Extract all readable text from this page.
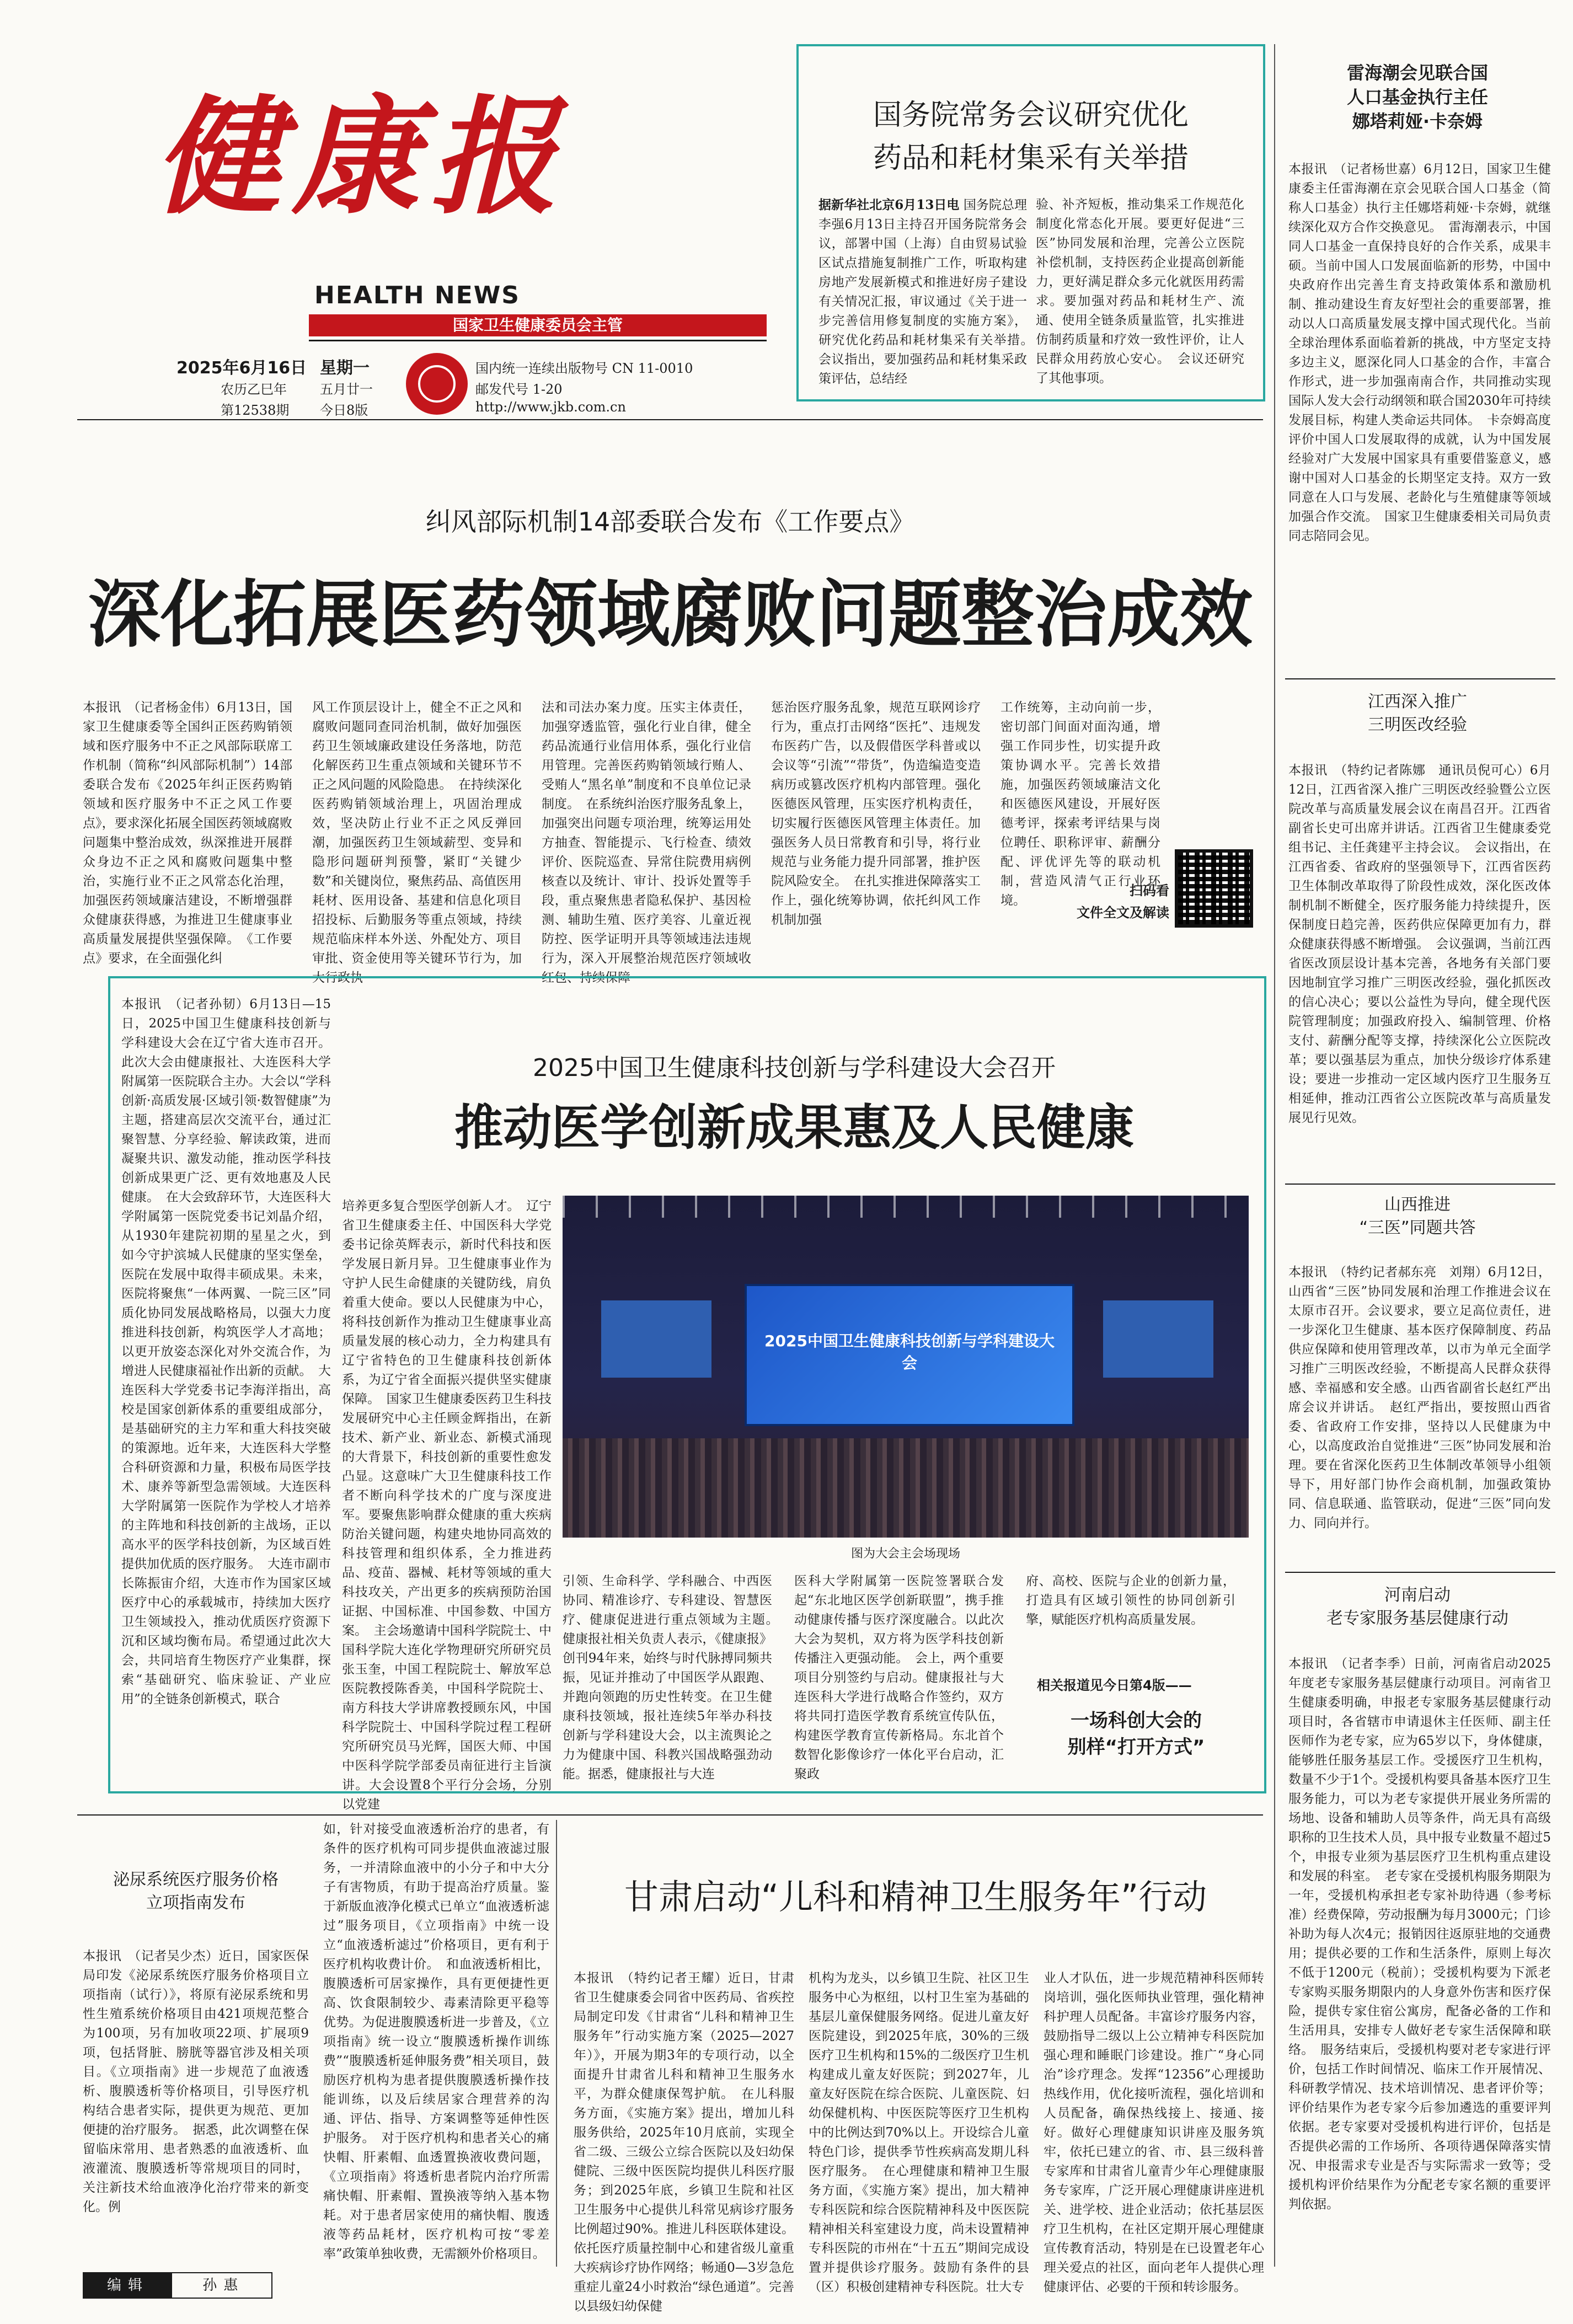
健康报
HEALTH NEWS
国家卫生健康委员会主管
2025年6月16日 星期一
农历乙巳年	五月廿一
第12538期 今日8版
国内统一连续出版物号 CN 11-0010
邮发代号 1-20
http://www.jkb.com.cn
国务院常务会议研究优化
药品和耗材集采有关举措
据新华社北京6月13日电 国务院总理李强6月13日主持召开国务院常务会议，部署中国（上海）自由贸易试验区试点措施复制推广工作，听取构建房地产发展新模式和推进好房子建设有关情况汇报，审议通过《关于进一步完善信用修复制度的实施方案》，研究优化药品和耗材集采有关举措。　会议指出，要加强药品和耗材集采政策评估，总结经
验、补齐短板，推动集采工作规范化制度化常态化开展。要更好促进“三医”协同发展和治理，完善公立医院补偿机制，支持医药企业提高创新能力，更好满足群众多元化就医用药需求。要加强对药品和耗材生产、流通、使用全链条质量监管，扎实推进仿制药质量和疗效一致性评价，让人民群众用药放心安心。　会议还研究了其他事项。
雷海潮会见联合国
人口基金执行主任
娜塔莉娅·卡奈姆
本报讯　（记者杨世嘉）6月12日，国家卫生健康委主任雷海潮在京会见联合国人口基金（简称人口基金）执行主任娜塔莉娅·卡奈姆，就继续深化双方合作交换意见。　雷海潮表示，中国同人口基金一直保持良好的合作关系，成果丰硕。当前中国人口发展面临新的形势，中国中央政府作出完善生育支持政策体系和激励机制、推动建设生育友好型社会的重要部署，推动以人口高质量发展支撑中国式现代化。当前全球治理体系面临着新的挑战，中方坚定支持多边主义，愿深化同人口基金的合作，丰富合作形式，进一步加强南南合作，共同推动实现国际人发大会行动纲领和联合国2030年可持续发展目标，构建人类命运共同体。　卡奈姆高度评价中国人口发展取得的成就，认为中国发展经验对广大发展中国家具有重要借鉴意义，感谢中国对人口基金的长期坚定支持。双方一致同意在人口与发展、老龄化与生殖健康等领域加强合作交流。　国家卫生健康委相关司局负责同志陪同会见。
江西深入推广
三明医改经验
本报讯　（特约记者陈娜　通讯员倪可心）6月12日，江西省深入推广三明医改经验暨公立医院改革与高质量发展会议在南昌召开。江西省副省长史可出席并讲话。江西省卫生健康委党组书记、主任龚建平主持会议。　会议指出，在江西省委、省政府的坚强领导下，江西省医药卫生体制改革取得了阶段性成效，深化医改体制机制不断健全，医疗服务能力持续提升，医保制度日趋完善，医药供应保障更加有力，群众健康获得感不断增强。　会议强调，当前江西省医改顶层设计基本完善，各地务有关部门要因地制宜学习推广三明医改经验，强化抓医改的信心决心；要以公益性为导向，健全现代医院管理制度；加强政府投入、编制管理、价格支付、薪酬分配等支撑，持续深化公立医院改革；要以强基层为重点，加快分级诊疗体系建设；要进一步推动一定区域内医疗卫生服务互相延伸，推动江西省公立医院改革与高质量发展见行见效。
山西推进
“三医”同题共答
本报讯　（特约记者郝东亮　刘翔）6月12日，山西省“三医”协同发展和治理工作推进会议在太原市召开。会议要求，要立足高位责任，进一步深化卫生健康、基本医疗保障制度、药品供应保障和使用管理改革，以市为单元全面学习推广三明医改经验，不断提高人民群众获得感、幸福感和安全感。山西省副省长赵红严出席会议并讲话。　赵红严指出，要按照山西省委、省政府工作安排，坚持以人民健康为中心，以高度政治自觉推进“三医”协同发展和治理。要在省深化医药卫生体制改革领导小组领导下，用好部门协作会商机制，加强政策协同、信息联通、监管联动，促进“三医”同向发力、同向并行。
河南启动
老专家服务基层健康行动
本报讯　（记者李季）日前，河南省启动2025年度老专家服务基层健康行动项目。河南省卫生健康委明确，申报老专家服务基层健康行动项目时，各省辖市申请退休主任医师、副主任医师作为老专家，应为65岁以下，身体健康，能够胜任服务基层工作。受援医疗卫生机构，数量不少于1个。受援机构要具备基本医疗卫生服务能力，可以为老专家提供开展业务所需的场地、设备和辅助人员等条件，尚无具有高级职称的卫生技术人员，具中报专业数量不超过5个，申报专业须为基层医疗卫生机构重点建设和发展的科室。　老专家在受援机构服务期限为一年，受援机构承担老专家补助待遇（参考标准）经费保障，劳动报酬为每月3000元；门诊补助为每人次4元；报销因往返原驻地的交通费用；提供必要的工作和生活条件，原则上每次不低于1200元（税前）；受援机构要为下派老专家购买服务期限内的人身意外伤害和医疗保险，提供专家住宿公寓房，配备必备的工作和生活用具，安排专人做好老专家生活保障和联络。　服务结束后，受援机构要对老专家进行评价，包括工作时间情况、临床工作开展情况、科研教学情况、技术培训情况、患者评价等；评价结果作为老专家今后参加遴选的重要评判依据。老专家要对受援机构进行评价，包括是否提供必需的工作场所、各项待遇保障落实情况、申报需求专业是否与实际需求一致等；受援机构评价结果作为分配老专家名额的重要评判依据。
纠风部际机制14部委联合发布《工作要点》
深化拓展医药领域腐败问题整治成效
本报讯　（记者杨金伟）6月13日，国家卫生健康委等全国纠正医药购销领域和医疗服务中不正之风部际联席工作机制（简称“纠风部际机制”）14部委联合发布《2025年纠正医药购销领域和医疗服务中不正之风工作要点》，要求深化拓展全国医药领域腐败问题集中整治成效，纵深推进开展群众身边不正之风和腐败问题集中整治，实施行业不正之风常态化治理，加强医药领域廉洁建设，不断增强群众健康获得感，为推进卫生健康事业高质量发展提供坚强保障。　《工作要点》要求，在全面强化纠
风工作顶层设计上，健全不正之风和腐败问题同查同治机制，做好加强医药卫生领域廉政建设任务落地，防范化解医药卫生重点领域和关键环节不正之风问题的风险隐患。　在持续深化医药购销领域治理上，巩固治理成效，坚决防止行业不正之风反弹回潮，加强医药卫生领域薪型、变异和隐形问题研判预警，紧盯“关键少数”和关键岗位，聚焦药品、高值医用耗材、医用设备、基建和信息化项目招投标、后勤服务等重点领域，持续规范临床样本外送、外配处方、项目审批、资金使用等关键环节行为，加大行政执
法和司法办案力度。压实主体责任，加强穿透监管，强化行业自律，健全药品流通行业信用体系，强化行业信用管理。完善医药购销领域行贿人、受贿人“黑名单”制度和不良单位记录制度。　在系统纠治医疗服务乱象上，加强突出问题专项治理，统筹运用处方抽查、智能提示、飞行检查、绩效评价、医院巡查、异常住院费用病例核查以及统计、审计、投诉处置等手段，重点聚焦患者隐私保护、基因检测、辅助生殖、医疗美容、儿童近视防控、医学证明开具等领域违法违规行为，深入开展整治规范医疗领域收红包、持续保障
惩治医疗服务乱象，规范互联网诊疗行为，重点打击网络“医托”、违规发布医药广告，以及假借医学科普或以会议等“引流”“带货”，伪造编造变造病历或篡改医疗机构内部管理。强化医德医风管理，压实医疗机构责任，切实履行医德医风管理主体责任。加强医务人员日常教育和引导，将行业规范与业务能力提升同部署，推护医院风险安全。　在扎实推进保障落实工作上，强化统筹协调，依托纠风工作机制加强
工作统筹，主动向前一步，密切部门间面对面沟通，增强工作同步性，切实提升政策协调水平。完善长效措施，加强医药领域廉洁文化和医德医风建设，开展好医德考评，探索考评结果与岗位聘任、职称评审、薪酬分配、评优评先等的联动机制，营造风清气正行业环境。
扫码看
文件全文及解读
本报讯　（记者孙韧）6月13日—15日，2025中国卫生健康科技创新与学科建设大会在辽宁省大连市召开。此次大会由健康报社、大连医科大学附属第一医院联合主办。大会以“学科创新·高质发展·区域引领·数智健康”为主题，搭建高层次交流平台，通过汇聚智慧、分享经验、解读政策，进而凝聚共识、激发动能，推动医学科技创新成果更广泛、更有效地惠及人民健康。　在大会致辞环节，大连医科大学附属第一医院党委书记刘晶介绍，从1930年建院初期的星星之火，到如今守护滨城人民健康的坚实堡垒，医院在发展中取得丰硕成果。未来，医院将聚焦“一体两翼、一院三区”同质化协同发展战略格局，以强大力度推进科技创新，构筑医学人才高地；以更开放姿态深化对外交流合作，为增进人民健康福祉作出新的贡献。　大连医科大学党委书记李海洋指出，高校是国家创新体系的重要组成部分，是基础研究的主力军和重大科技突破的策源地。近年来，大连医科大学整合科研资源和力量，积极布局医学技术、康养等新型急需领域。大连医科大学附属第一医院作为学校人才培养的主阵地和科技创新的主战场，正以高水平的医学科技创新，为区域百姓提供加优质的医疗服务。　大连市副市长陈振宙介绍，大连市作为国家区域医疗中心的承载城市，持续加大医疗卫生领域投入，推动优质医疗资源下沉和区域均衡布局。希望通过此次大会，共同培育生物医疗产业集群，探索“基础研究、临床验证、产业应用”的全链条创新模式，联合
2025中国卫生健康科技创新与学科建设大会召开
推动医学创新成果惠及人民健康
培养更多复合型医学创新人才。　辽宁省卫生健康委主任、中国医科大学党委书记徐英辉表示，新时代科技和医学发展日新月异。卫生健康事业作为守护人民生命健康的关键防线，肩负着重大使命。要以人民健康为中心，将科技创新作为推动卫生健康事业高质量发展的核心动力，全力构建具有辽宁省特色的卫生健康科技创新体系，为辽宁省全面振兴提供坚实健康保障。　国家卫生健康委医药卫生科技发展研究中心主任顾金辉指出，在新技术、新产业、新业态、新模式涌现的大背景下，科技创新的重要性愈发凸显。这意味广大卫生健康科技工作者不断向科学技术的广度与深度进军。要聚焦影响群众健康的重大疾病防治关键问题，构建央地协同高效的科技管理和组织体系，全力推进药品、疫苗、器械、耗材等领域的重大科技攻关，产出更多的疾病预防治国证据、中国标准、中国参数、中国方案。　主会场邀请中国科学院院士、中国科学院大连化学物理研究所研究员张玉奎，中国工程院院士、解放军总医院教授陈香美，中国科学院院士、南方科技大学讲席教授顾东风，中国科学院院士、中国科学院过程工程研究所研究员马光辉，国医大师、中国中医科学院学部委员南征进行主旨演讲。大会设置8个平行分会场，分别以党建
2025中国卫生健康科技创新与学科建设大会
图为大会主会场现场
引领、生命科学、学科融合、中西医协同、精准诊疗、专科建设、智慧医疗、健康促进进行重点领域为主题。　健康报社相关负责人表示，《健康报》创刊94年来，始终与时代脉搏同频共振，见证并推动了中国医学从跟跑、并跑向领跑的历史性转变。在卫生健康科技领域，报社连续5年举办科技创新与学科建设大会，以主流舆论之力为健康中国、科教兴国战略强劲动能。据悉，健康报社与大连
医科大学附属第一医院签署联合发起“东北地区医学创新联盟”，携手推动健康传播与医疗深度融合。以此次大会为契机，双方将为医学科技创新传播注入更强动能。　会上，两个重要项目分别签约与启动。健康报社与大连医科大学进行战略合作签约，双方将共同打造医学教育系统宣传队伍，构建医学教育宣传新格局。东北首个数智化影像诊疗一体化平台启动，汇聚政
府、高校、医院与企业的创新力量，打造具有区域引领性的协同创新引擎，赋能医疗机构高质量发展。
相关报道见今日第4版——
一场科创大会的
别样“打开方式”
泌尿系统医疗服务价格
立项指南发布
本报讯　（记者吴少杰）近日，国家医保局印发《泌尿系统医疗服务价格项目立项指南（试行）》，将原有泌尿系统和男性生殖系统价格项目由421项规范整合为100项，另有加收项22项、扩展项9项，包括肾脏、膀胱等器官涉及相关项目。《立项指南》进一步规范了血液透析、腹膜透析等价格项目，引导医疗机构结合患者实际，提供更为规范、更加便捷的治疗服务。　据悉，此次调整在保留临床常用、患者熟悉的血液透析、血液灌流、腹膜透析等常规项目的同时，关注新技术给血液净化治疗带来的新变化。例
如，针对接受血液透析治疗的患者，有条件的医疗机构可同步提供血液滤过服务，一并清除血液中的小分子和中大分子有害物质，有助于提高治疗质量。鉴于新版血液净化模式已单立“血液透析滤过”服务项目，《立项指南》中统一设立“血液透析滤过”价格项目，更有利于医疗机构收费计价。　和血液透析相比，腹膜透析可居家操作，具有更便捷性更高、饮食限制较少、毒素清除更平稳等优势。为促进腹膜透析进一步普及，《立项指南》统一设立“腹膜透析操作训练费”“腹膜透析延伸服务费”相关项目，鼓励医疗机构为患者提供腹膜透析操作技能训练，以及后续居家合理营养的沟通、评估、指导、方案调整等延伸性医护服务。　对于医疗机构和患者关心的痛快帽、肝素帽、血透置换液收费问题，《立项指南》将透析患者院内治疗所需痛快帽、肝素帽、置换液等纳入基本物耗。对于患者居家使用的痛快帽、腹透液等药品耗材，医疗机构可按“零差率”政策单独收费，无需额外价格项目。
甘肃启动“儿科和精神卫生服务年”行动
本报讯　（特约记者王耀）近日，甘肃省卫生健康委会同省中医药局、省疾控局制定印发《甘肃省“儿科和精神卫生服务年”行动实施方案（2025—2027年）》，开展为期3年的专项行动，以全面提升甘肃省儿科和精神卫生服务水平，为群众健康保驾护航。　在儿科服务方面，《实施方案》提出，增加儿科服务供给，2025年10月底前，实现全省二级、三级公立综合医院以及妇幼保健院、三级中医医院均提供儿科医疗服务；到2025年底，乡镇卫生院和社区卫生服务中心提供儿科常见病诊疗服务比例超过90%。推进儿科医联体建设。依托医疗质量控制中心和建省级儿童重大疾病诊疗协作网络；畅通0—3岁急危重症儿童24小时救治“绿色通道”。完善以县级妇幼保健
机构为龙头，以乡镇卫生院、社区卫生服务中心为枢纽，以村卫生室为基础的基层儿童保健服务网络。促进儿童友好医院建设，到2025年底，30%的三级医疗卫生机构和15%的二级医疗卫生机构建成儿童友好医院；到2027年，儿童友好医院在综合医院、儿童医院、妇幼保健机构、中医医院等医疗卫生机构中的比例达到70%以上。开设综合儿童特色门诊，提供季节性疾病高发期儿科医疗服务。　在心理健康和精神卫生服务方面，《实施方案》提出，加大精神专科医院和综合医院精神科及中医医院精神相关科室建设力度，尚未设置精神专科医院的市州在“十五五”期间完成设置并提供诊疗服务。鼓励有条件的县（区）积极创建精神专科医院。壮大专
业人才队伍，进一步规范精神科医师转岗培训，强化医师执业管理，强化精神科护理人员配备。丰富诊疗服务内容，鼓励指导二级以上公立精神专科医院加强心理和睡眠门诊建设。推广“身心同治”诊疗理念。发挥“12356”心理援助热线作用，优化接听流程，强化培训和人员配备，确保热线接上、接通、接好。做好心理健康知识讲座及服务筑牢，依托已建立的省、市、县三级科普专家库和甘肃省儿童青少年心理健康服务专家库，广泛开展心理健康讲座进机关、进学校、进企业活动；依托基层医疗卫生机构，在社区定期开展心理健康宣传教育活动，特别是在已设置老年心理关爱点的社区，面向老年人提供心理健康评估、必要的干预和转诊服务。
编辑	孙惠
